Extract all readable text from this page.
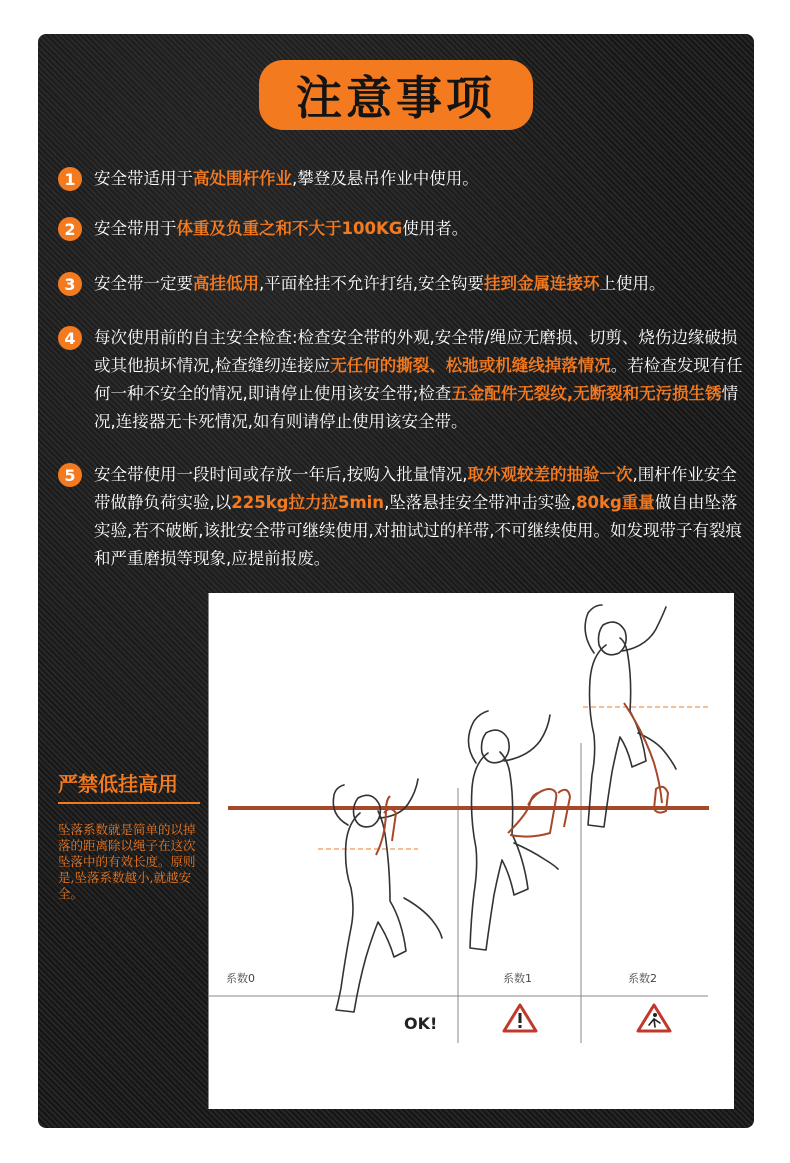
注意事项
1	安全带适用于高处围杆作业,攀登及悬吊作业中使用。
2	安全带用于体重及负重之和不大于100KG使用者。
3	安全带一定要高挂低用,平面栓挂不允许打结,安全钩要挂到金属连接环上使用。
4	每次使用前的自主安全检查:检查安全带的外观,安全带/绳应无磨损、切剪、烧伤边缘破损或其他损坏情况,检查缝纫连接应无任何的撕裂、松弛或机缝线掉落情况。若检查发现有任何一种不安全的情况,即请停止使用该安全带;检查五金配件无裂纹,无断裂和无污损生锈情况,连接器无卡死情况,如有则请停止使用该安全带。
5	安全带使用一段时间或存放一年后,按购入批量情况,取外观较差的抽验一次,围杆作业安全带做静负荷实验,以225kg拉力拉5min,坠落悬挂安全带冲击实验,80kg重量做自由坠落实验,若不破断,该批安全带可继续使用,对抽试过的样带,不可继续使用。如发现带子有裂痕和严重磨损等现象,应提前报废。
严禁低挂高用
坠落系数就是简单的以掉落的距离除以绳子在这次坠落中的有效长度。原则是,坠落系数越小,就越安全。
系数0	系数1	系数2
OK!
